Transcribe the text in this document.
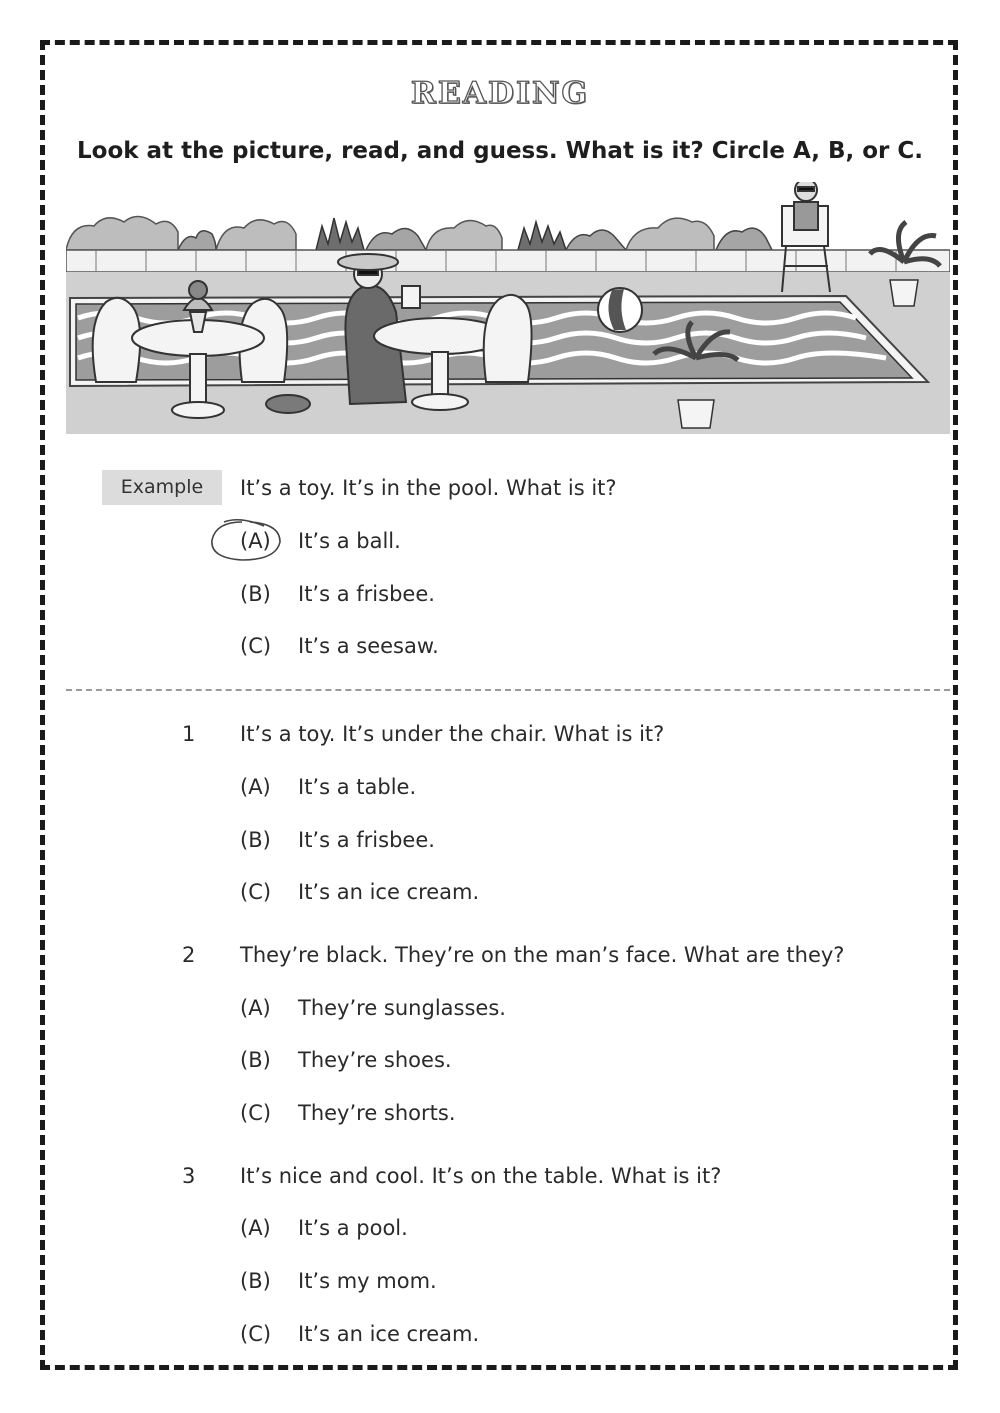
READING
Look at the picture, read, and guess. What is it? Circle A, B, or C.
Example	It’s a toy. It’s in the pool. What is it?
(A) It’s a ball.
(B) It’s a frisbee.
(C) It’s a seesaw.
1 It’s a toy. It’s under the chair. What is it?
(A) It’s a table.
(B) It’s a frisbee.
(C) It’s an ice cream.
2 They’re black. They’re on the man’s face. What are they?
(A) They’re sunglasses.
(B) They’re shoes.
(C) They’re shorts.
3 It’s nice and cool. It’s on the table. What is it?
(A) It’s a pool.
(B) It’s my mom.
(C) It’s an ice cream.
